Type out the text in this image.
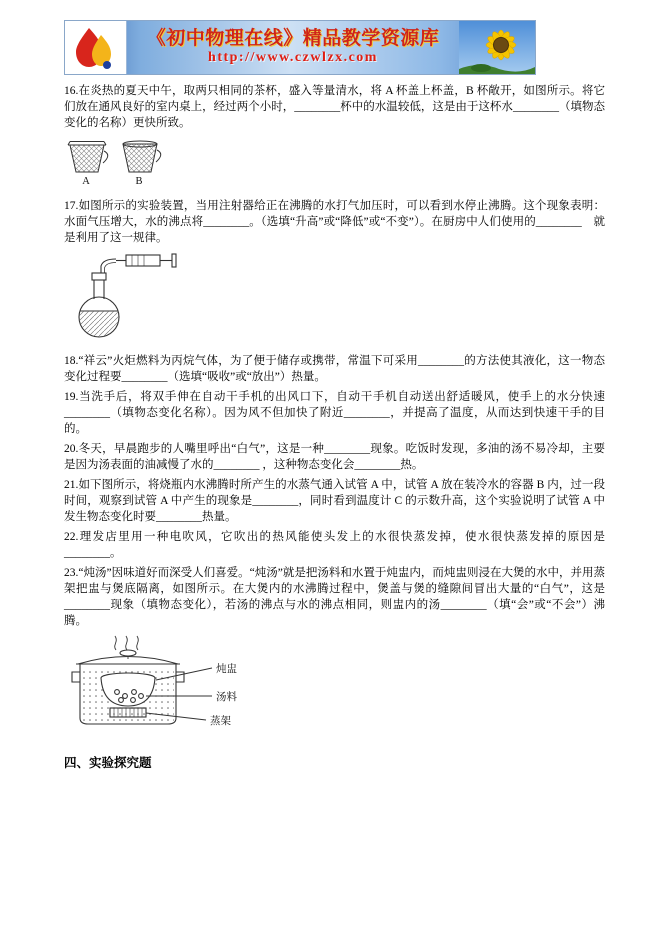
《初中物理在线》精品教学资源库
http://www.czwlzx.com

16.在炎热的夏天中午，取两只相同的茶杯，盛入等量清水，将 A 杯盖上杯盖，B 杯敞开，如图所示。将它们放在通风良好的室内桌上，经过两个小时，________杯中的水温较低，这是由于这杯水________（填物态变化的名称）更快所致。

A	B

17.如图所示的实验装置，当用注射器给正在沸腾的水打气加压时，可以看到水停止沸腾。这个现象表明：水面气压增大，水的沸点将________。（选填“升高”或“降低”或“不变”）。在厨房中人们使用的________　就是利用了这一规律。

18.“祥云”火炬燃料为丙烷气体，为了便于储存或携带，常温下可采用________的方法使其液化，这一物态变化过程要________（选填“吸收”或“放出”）热量。

19.当洗手后，将双手伸在自动干手机的出风口下，自动干手机自动送出舒适暖风，使手上的水分快速________（填物态变化名称）。因为风不但加快了附近________，并提高了温度，从而达到快速干手的目的。

20.冬天，早晨跑步的人嘴里呼出“白气”，这是一种________现象。吃饭时发现，多油的汤不易冷却，主要是因为汤表面的油减慢了水的________ ，这种物态变化会________热。

21.如下图所示，将烧瓶内水沸腾时所产生的水蒸气通入试管 A 中，试管 A 放在装冷水的容器 B 内，过一段时间，观察到试管 A 中产生的现象是________，同时看到温度计 C 的示数升高，这个实验说明了试管 A 中发生物态变化时要________热量。

22.理发店里用一种电吹风，它吹出的热风能使头发上的水很快蒸发掉，使水很快蒸发掉的原因是________。

23.“炖汤”因味道好而深受人们喜爱。“炖汤”就是把汤料和水置于炖盅内，而炖盅则浸在大煲的水中，并用蒸架把盅与煲底隔离，如图所示。在大煲内的水沸腾过程中，煲盖与煲的缝隙间冒出大量的“白气”，这是________现象（填物态变化），若汤的沸点与水的沸点相同，则盅内的汤________（填“会”或“不会”）沸腾。

炖盅
汤料
蒸架
四、实验探究题
